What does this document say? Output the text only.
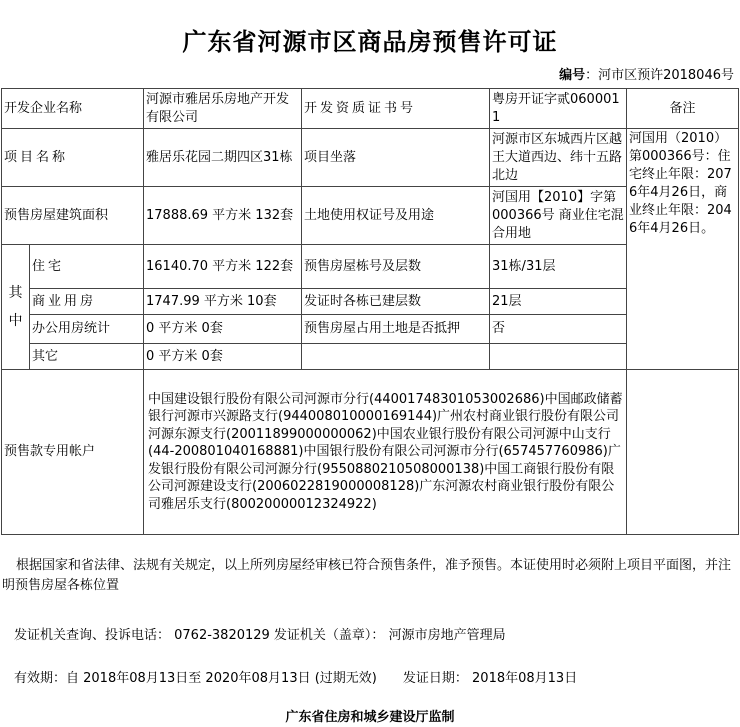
广东省河源市区商品房预售许可证
编号：河市区预许2018046号
开发企业名称		河源市雅居乐房地产开发有限公司	开发资质证书号	粤房开证字贰0600011	备注
项目名称		雅居乐花园二期四区31栋	项目坐落	河源市区东城西片区越王大道西边、纬十五路北边	河国用（2010）第000366号：住宅终止年限：2076年4月26日，商业终止年限：2046年4月26日。
预售房屋建筑面积		17888.69 平方米 132套	土地使用权证号及用途	河国用【2010】字第000366号 商业住宅混合用地	
其中	住宅	16140.70 平方米 122套	预售房屋栋号及层数	31栋/31层	
	商业用房	1747.99 平方米 10套	发证时各栋已建层数	21层	
	办公用房统计	0 平方米 0套	预售房屋占用土地是否抵押	否	
	其它	0 平方米 0套			
预售款专用帐户		中国建设银行股份有限公司河源市分行(44001748301053002686)中国邮政储蓄银行河源市兴源路支行(944008010000169144)广州农村商业银行股份有限公司河源东源支行(20011899000000062)中国农业银行股份有限公司河源中山支行(44-200801040168881)中国银行股份有限公司河源市分行(657457760986)广发银行股份有限公司河源分行(9550880210508000138)中国工商银行股份有限公司河源建设支行(2006022819000008128)广东河源农村商业银行股份有限公司雅居乐支行(80020000012324922)			
根据国家和省法律、法规有关规定，以上所列房屋经审核已符合预售条件，准予预售。本证使用时必须附上项目平面图，并注明预售房屋各栋位置
发证机关查询、投诉电话： 0762-3820129 发证机关（盖章）： 河源市房地产管理局
有效期：自 2018年08月13日至 2020年08月13日 (过期无效) 发证日期： 2018年08月13日
广东省住房和城乡建设厅监制
